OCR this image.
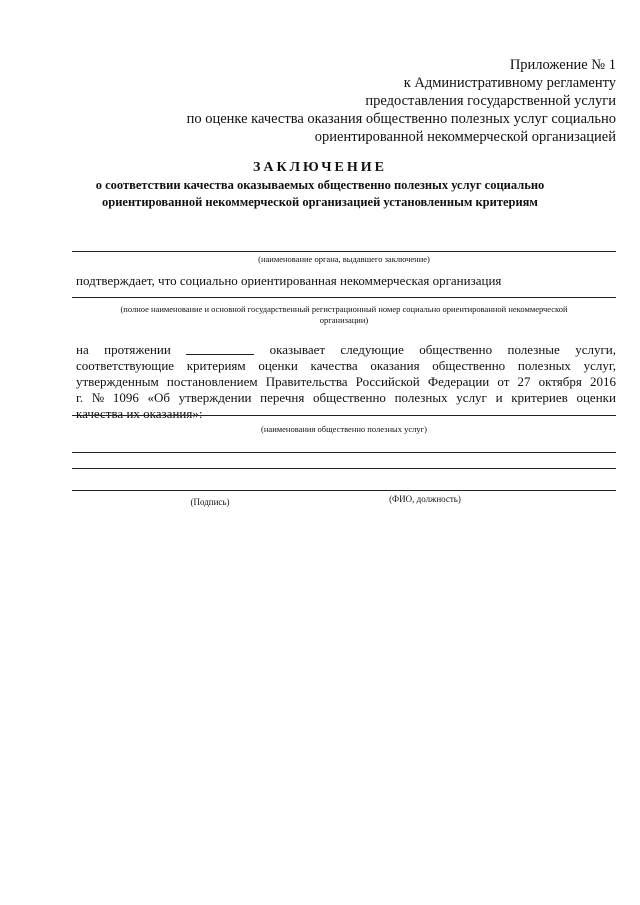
Приложение № 1
к Административному регламенту
предоставления государственной услуги
по оценке качества оказания общественно полезных услуг социально
ориентированной некоммерческой организацией
ЗАКЛЮЧЕНИЕ
о соответствии качества оказываемых общественно полезных услуг социально
ориентированной некоммерческой организацией установленным критериям
(наименование органа, выдавшего заключение)
подтверждает, что социально ориентированная некоммерческая организация
(полное наименование и основной государственный регистрационный номер социально ориентированной некоммерческой
организации)
на протяжении	оказывает следующие общественно полезные услуги,
соответствующие критериям оценки качества оказания общественно полезных услуг,
утвержденным постановлением Правительства Российской Федерации от 27 октября 2016
г. № 1096 «Об утверждении перечня общественно полезных услуг и критериев оценки
качества их оказания»:
(наименования общественно полезных услуг)
(Подпись)	(ФИО, должность)
